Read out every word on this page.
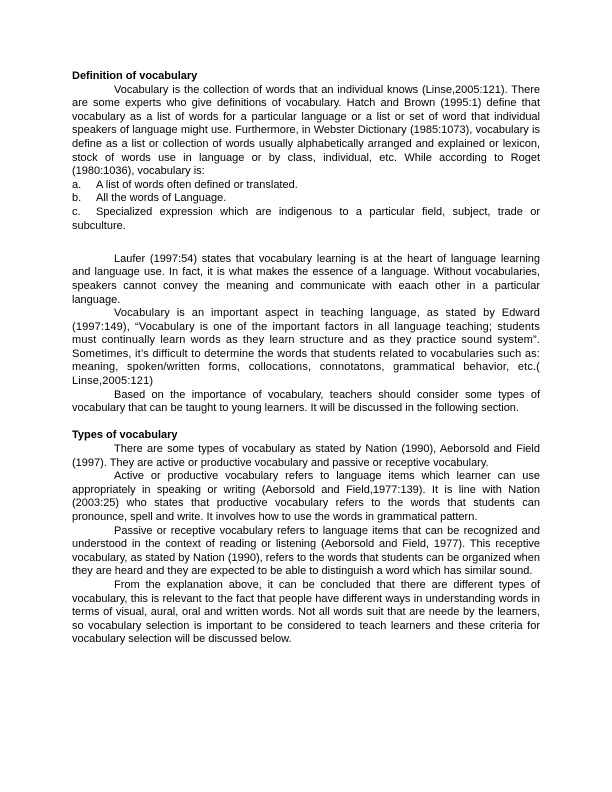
Definition of vocabulary

Vocabulary is the collection of words that an individual knows (Linse,2005:121). There are some experts who give definitions of vocabulary. Hatch and Brown (1995:1) define that vocabulary as a list of words for a particular language or a list or set of word that individual speakers of language might use. Furthermore, in Webster Dictionary (1985:1073), vocabulary is define as a list or collection of words usually alphabetically arranged and explained or lexicon, stock of words use in language or by class, individual, etc. While according to Roget (1980:1036), vocabulary is:

a. A list of words often defined or translated.

b. All the words of Language.

c. Specialized expression which are indigenous to a particular field, subject, trade or subculture.

Laufer (1997:54) states that vocabulary learning is at the heart of language learning and language use. In fact, it is what makes the essence of a language. Without vocabularies, speakers cannot convey the meaning and communicate with eaach other in a particular language.

Vocabulary is an important aspect in teaching language, as stated by Edward (1997:149), “Vocabulary is one of the important factors in all language teaching; students must continually learn words as they learn structure and as they practice sound system”. Sometimes, it’s difficult to determine the words that students related to vocabularies such as: meaning, spoken/written forms, collocations, connotatons, grammatical behavior, etc.( Linse,2005:121)

Based on the importance of vocabulary, teachers should consider some types of vocabulary that can be taught to young learners. It will be discussed in the following section.

Types of vocabulary

There are some types of vocabulary as stated by Nation (1990), Aeborsold and Field (1997). They are active or productive vocabulary and passive or receptive vocabulary.

Active or productive vocabulary refers to language items which learner can use appropriately in speaking or writing (Aeborsold and Field,1977:139). It is line with Nation (2003:25) who states that productive vocabulary refers to the words that students can pronounce, spell and write. It involves how to use the words in grammatical pattern.

Passive or receptive vocabulary refers to language items that can be recognized and understood in the context of reading or listening (Aeborsold and Field, 1977). This receptive vocabulary, as stated by Nation (1990), refers to the words that students can be organized when they are heard and they are expected to be able to distinguish a word which has similar sound.

From the explanation above, it can be concluded that there are different types of vocabulary, this is relevant to the fact that people have different ways in understanding words in terms of visual, aural, oral and written words. Not all words suit that are neede by the learners, so vocabulary selection is important to be considered to teach learners and these criteria for vocabulary selection will be discussed below.
